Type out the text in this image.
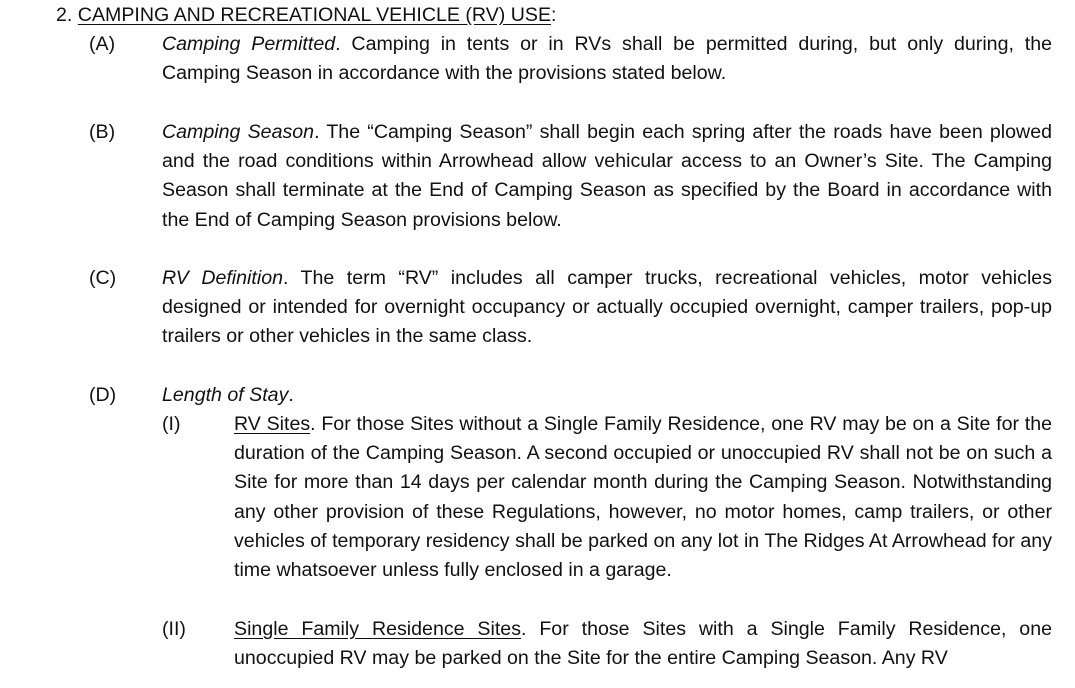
2. CAMPING AND RECREATIONAL VEHICLE (RV) USE:
(A) Camping Permitted. Camping in tents or in RVs shall be permitted during, but only during, the Camping Season in accordance with the provisions stated below.
(B) Camping Season. The “Camping Season” shall begin each spring after the roads have been plowed and the road conditions within Arrowhead allow vehicular access to an Owner’s Site. The Camping Season shall terminate at the End of Camping Season as specified by the Board in accordance with the End of Camping Season provisions below.
(C) RV Definition. The term “RV” includes all camper trucks, recreational vehicles, motor vehicles designed or intended for overnight occupancy or actually occupied overnight, camper trailers, pop-up trailers or other vehicles in the same class.
(D) Length of Stay.
(I)	RV Sites. For those Sites without a Single Family Residence, one RV may be on a Site for the duration of the Camping Season. A second occupied or unoccupied RV shall not be on such a Site for more than 14 days per calendar month during the Camping Season. Notwithstanding any other provision of these Regulations, however, no motor homes, camp trailers, or other vehicles of temporary residency shall be parked on any lot in The Ridges At Arrowhead for any time whatsoever unless fully enclosed in a garage.
(II) Single Family Residence Sites. For those Sites with a Single Family Residence, one unoccupied RV may be parked on the Site for the entire Camping Season. Any RV
